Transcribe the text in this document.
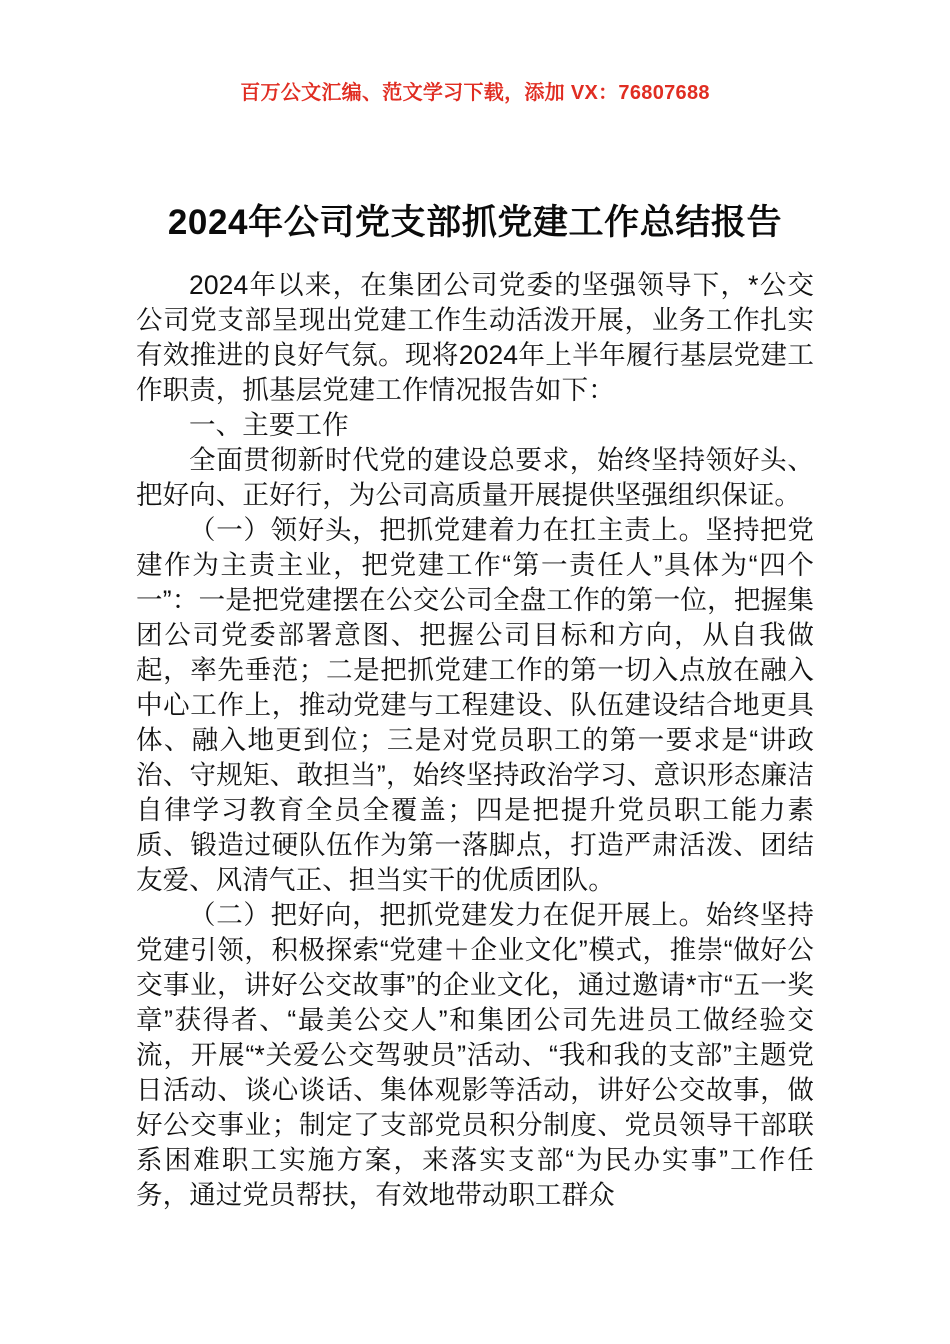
百万公文汇编、范文学习下载，添加 VX：76807688
2024年公司党支部抓党建工作总结报告

2024年以来，在集团公司党委的坚强领导下，*公交公司党支部呈现出党建工作生动活泼开展，业务工作扎实有效推进的良好气氛。现将2024年上半年履行基层党建工作职责，抓基层党建工作情况报告如下：

一、主要工作

全面贯彻新时代党的建设总要求，始终坚持领好头、把好向、正好行，为公司高质量开展提供坚强组织保证。

（一）领好头，把抓党建着力在扛主责上。坚持把党建作为主责主业，把党建工作“第一责任人”具体为“四个一”：一是把党建摆在公交公司全盘工作的第一位，把握集团公司党委部署意图、把握公司目标和方向，从自我做起，率先垂范；二是把抓党建工作的第一切入点放在融入中心工作上，推动党建与工程建设、队伍建设结合地更具体、融入地更到位；三是对党员职工的第一要求是“讲政治、守规矩、敢担当”，始终坚持政治学习、意识形态廉洁自律学习教育全员全覆盖；四是把提升党员职工能力素质、锻造过硬队伍作为第一落脚点，打造严肃活泼、团结友爱、风清气正、担当实干的优质团队。

（二）把好向，把抓党建发力在促开展上。始终坚持党建引领，积极探索“党建＋企业文化”模式，推崇“做好公交事业，讲好公交故事”的企业文化，通过邀请*市“五一奖章”获得者、“最美公交人”和集团公司先进员工做经验交流，开展“*关爱公交驾驶员”活动、“我和我的支部”主题党日活动、谈心谈话、集体观影等活动，讲好公交故事，做好公交事业；制定了支部党员积分制度、党员领导干部联系困难职工实施方案，来落实支部“为民办实事”工作任务，通过党员帮扶，有效地带动职工群众
